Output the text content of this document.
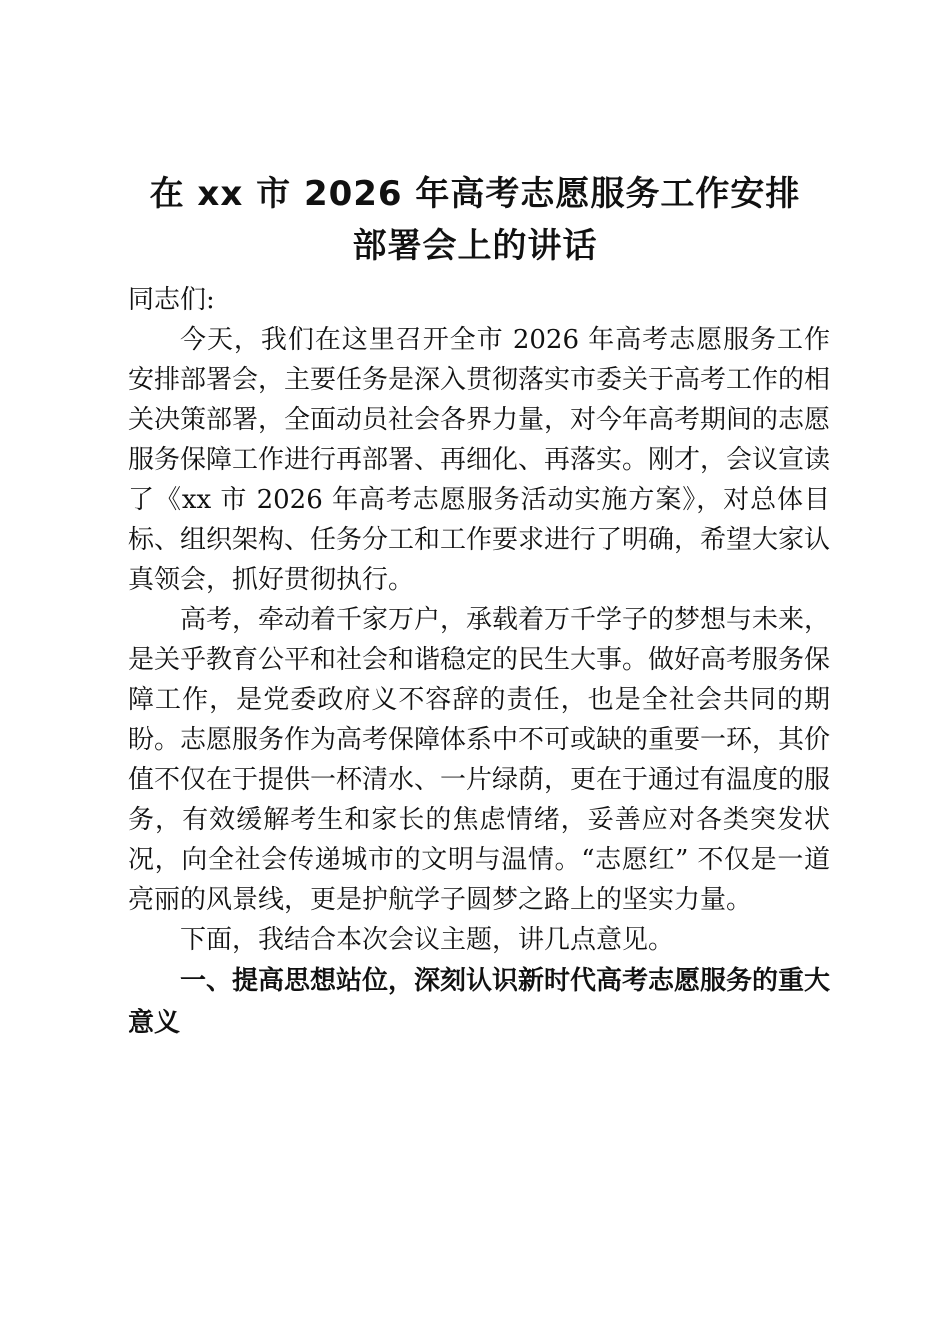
在 xx 市 2026 年高考志愿服务工作安排
部署会上的讲话

同志们:

今天，我们在这里召开全市 2026 年高考志愿服务工作安排部署会，主要任务是深入贯彻落实市委关于高考工作的相关决策部署，全面动员社会各界力量，对今年高考期间的志愿服务保障工作进行再部署、再细化、再落实。刚才，会议宣读了《xx 市 2026 年高考志愿服务活动实施方案》，对总体目标、组织架构、任务分工和工作要求进行了明确，希望大家认真领会，抓好贯彻执行。

高考，牵动着千家万户，承载着万千学子的梦想与未来，是关乎教育公平和社会和谐稳定的民生大事。做好高考服务保障工作，是党委政府义不容辞的责任，也是全社会共同的期盼。志愿服务作为高考保障体系中不可或缺的重要一环，其价值不仅在于提供一杯清水、一片绿荫，更在于通过有温度的服务，有效缓解考生和家长的焦虑情绪，妥善应对各类突发状况，向全社会传递城市的文明与温情。“志愿红” 不仅是一道亮丽的风景线，更是护航学子圆梦之路上的坚实力量。

下面，我结合本次会议主题，讲几点意见。

一、提高思想站位，深刻认识新时代高考志愿服务的重大意义
